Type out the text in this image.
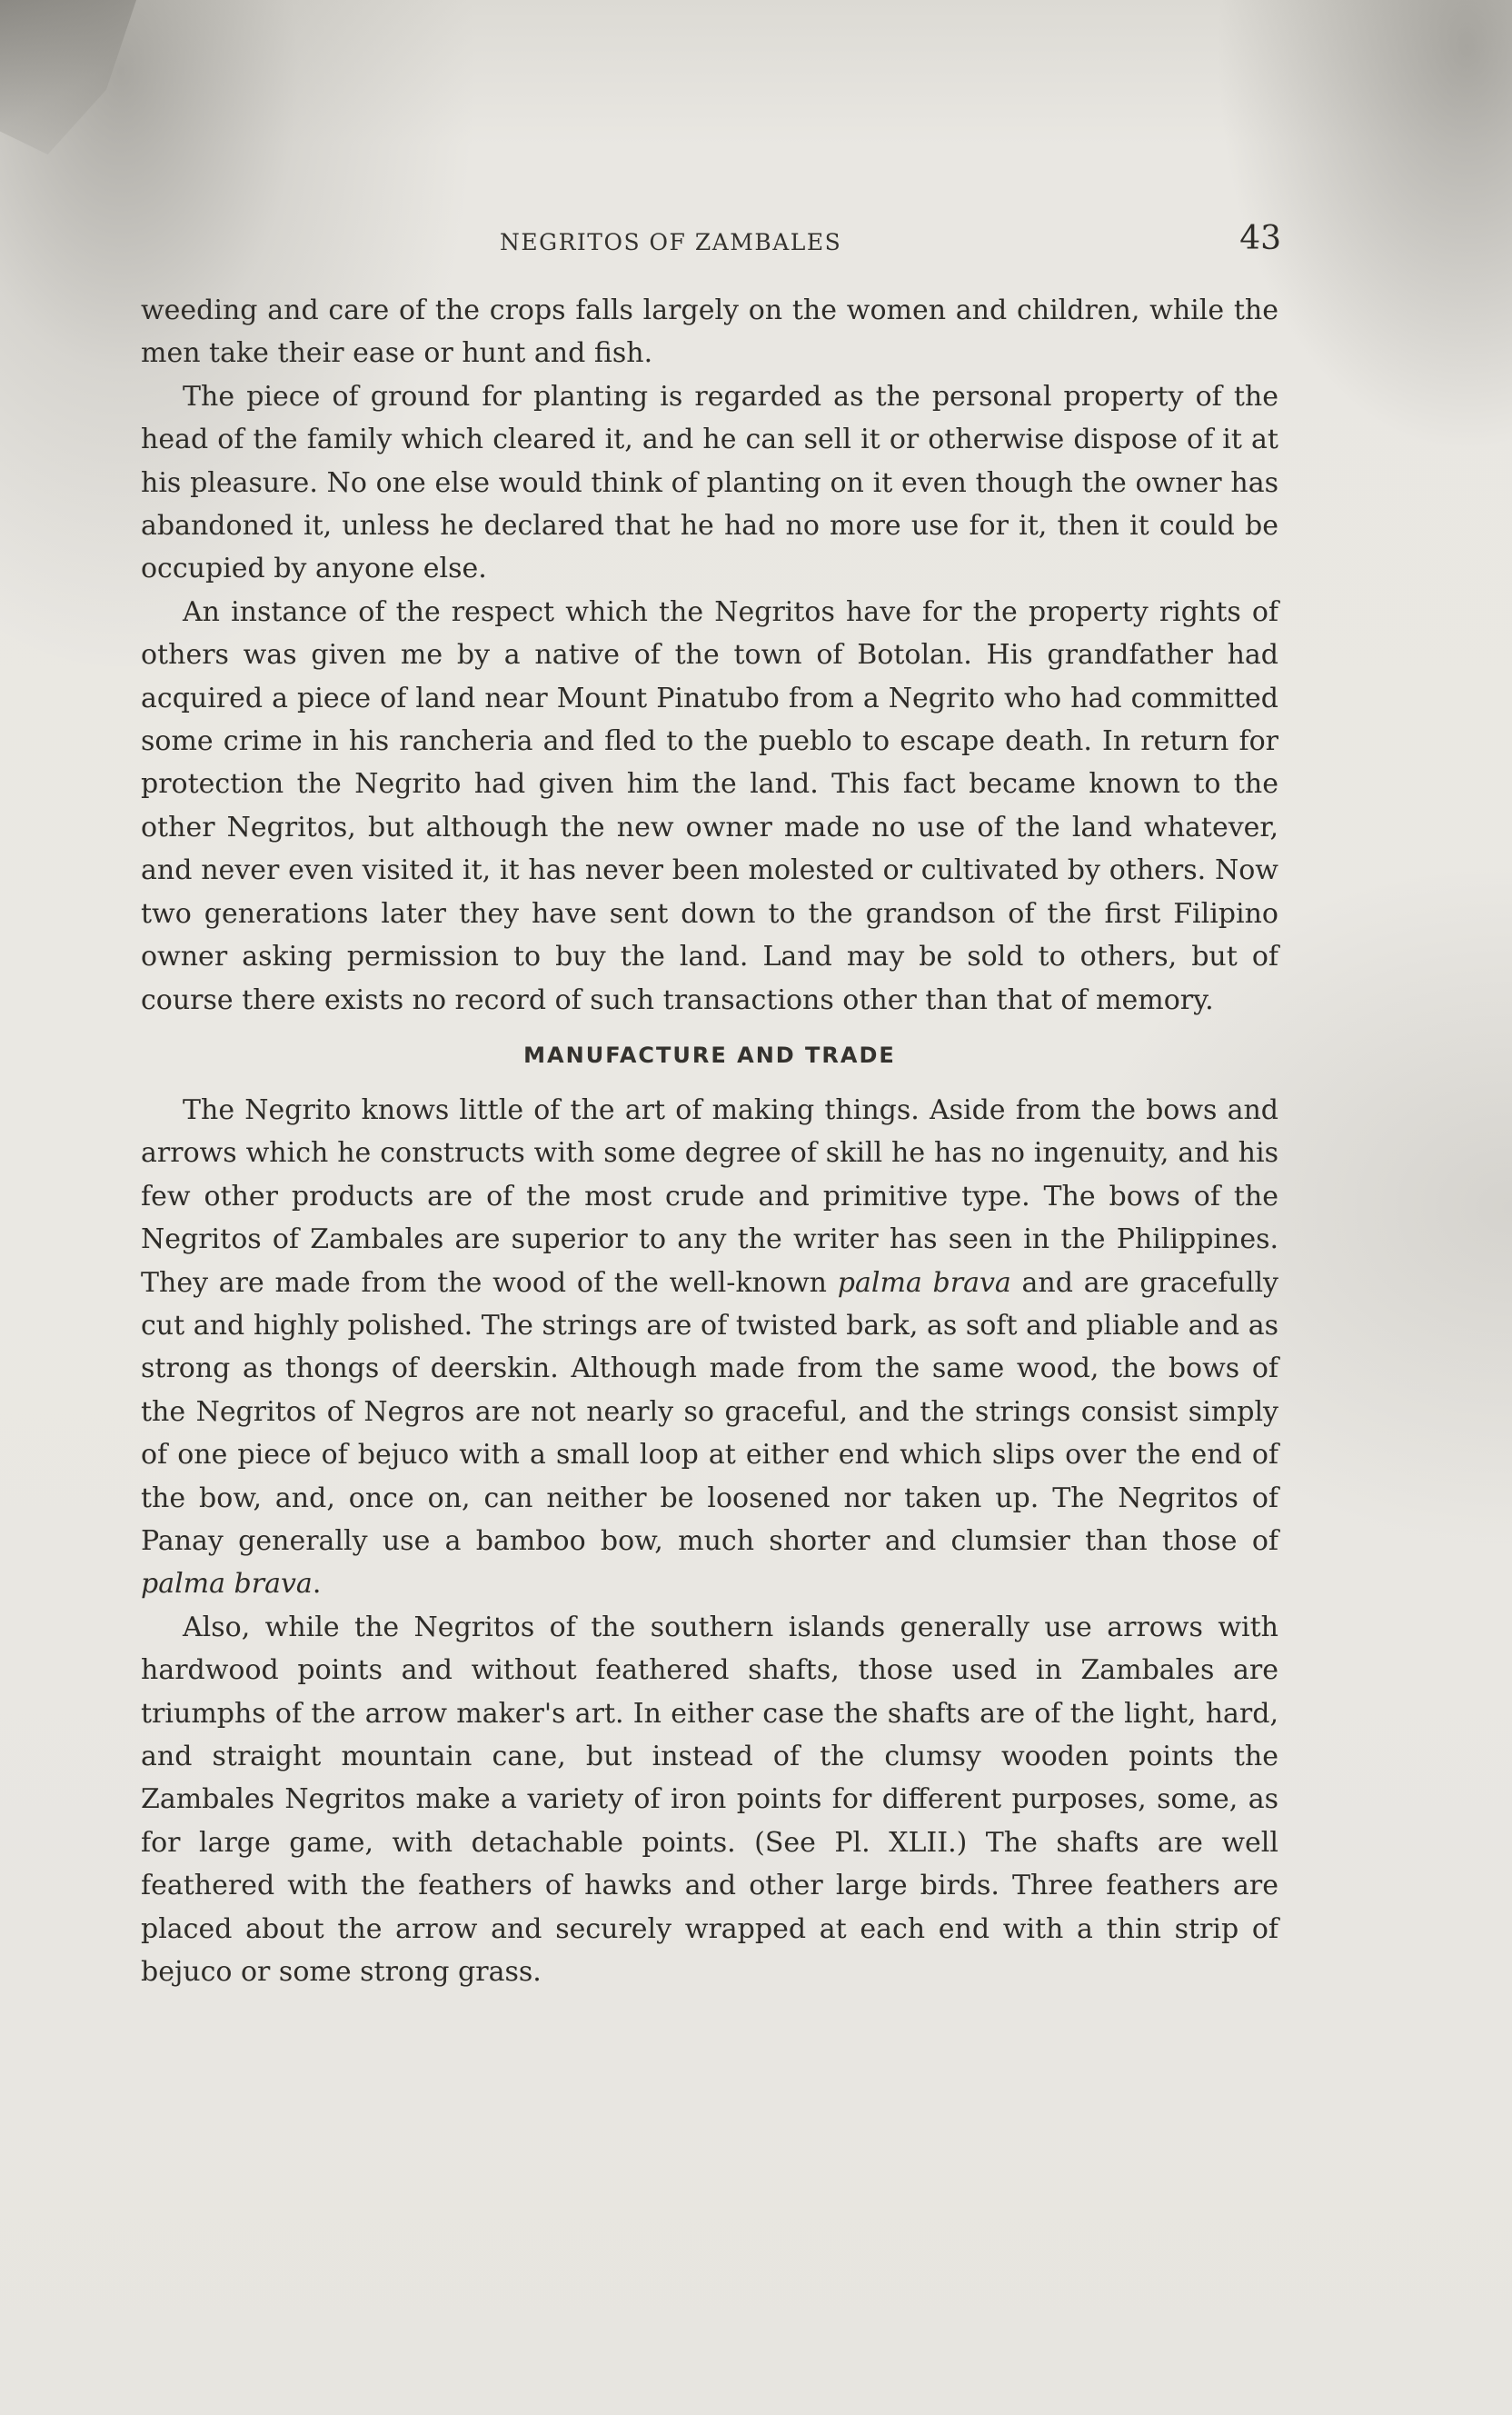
NEGRITOS OF ZAMBALES	43

weeding and care of the crops falls largely on the women and children, while the men take their ease or hunt and fish.

The piece of ground for planting is regarded as the personal property of the head of the family which cleared it, and he can sell it or otherwise dispose of it at his pleasure. No one else would think of planting on it even though the owner has abandoned it, unless he declared that he had no more use for it, then it could be occupied by anyone else.

An instance of the respect which the Negritos have for the property rights of others was given me by a native of the town of Botolan. His grandfather had acquired a piece of land near Mount Pinatubo from a Negrito who had committed some crime in his rancheria and fled to the pueblo to escape death. In return for protection the Negrito had given him the land. This fact became known to the other Negritos, but although the new owner made no use of the land whatever, and never even visited it, it has never been molested or cultivated by others. Now two generations later they have sent down to the grandson of the first Filipino owner asking permission to buy the land. Land may be sold to others, but of course there exists no record of such transactions other than that of memory.

MANUFACTURE AND TRADE

The Negrito knows little of the art of making things. Aside from the bows and arrows which he constructs with some degree of skill he has no ingenuity, and his few other products are of the most crude and primitive type. The bows of the Negritos of Zambales are superior to any the writer has seen in the Philippines. They are made from the wood of the well-known palma brava and are gracefully cut and highly polished. The strings are of twisted bark, as soft and pliable and as strong as thongs of deerskin. Although made from the same wood, the bows of the Negritos of Negros are not nearly so graceful, and the strings consist simply of one piece of bejuco with a small loop at either end which slips over the end of the bow, and, once on, can neither be loosened nor taken up. The Negritos of Panay generally use a bamboo bow, much shorter and clumsier than those of palma brava.

Also, while the Negritos of the southern islands generally use arrows with hardwood points and without feathered shafts, those used in Zambales are triumphs of the arrow maker's art. In either case the shafts are of the light, hard, and straight mountain cane, but instead of the clumsy wooden points the Zambales Negritos make a variety of iron points for different purposes, some, as for large game, with detachable points. (See Pl. XLII.) The shafts are well feathered with the feathers of hawks and other large birds. Three feathers are placed about the arrow and securely wrapped at each end with a thin strip of bejuco or some strong grass.
